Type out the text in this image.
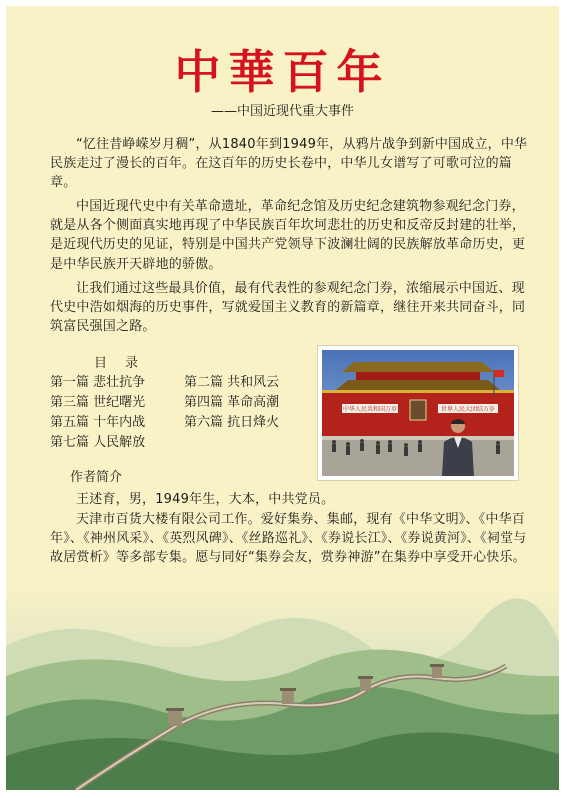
中華百年
——中国近现代重大事件

“忆往昔峥嵘岁月稠”，从1840年到1949年，从鸦片战争到新中国成立，中华民族走过了漫长的百年。在这百年的历史长卷中，中华儿女谱写了可歌可泣的篇章。

中国近现代史中有关革命遗址，革命纪念馆及历史纪念建筑物参观纪念门券，就是从各个侧面真实地再现了中华民族百年坎坷悲壮的历史和反帝反封建的壮举，是近现代历史的见证，特别是中国共产党领导下波澜壮阔的民族解放革命历史，更是中华民族开天辟地的骄傲。

让我们通过这些最具价值，最有代表性的参观纪念门券，浓缩展示中国近、现代史中浩如烟海的历史事件，写就爱国主义教育的新篇章，继往开来共同奋斗，同筑富民强国之路。

目录
第一篇 悲壮抗争	第二篇 共和风云
第三篇 世纪曙光	第四篇 革命高潮
第五篇 十年内战	第六篇 抗日烽火
第七篇 人民解放
作者简介

王述育，男，1949年生，大本，中共党员。

天津市百货大楼有限公司工作。爱好集券、集邮，现有《中华文明》、《中华百年》、《神州风采》、《英烈风碑》、《丝路巡礼》、《券说长江》、《券说黄河》、《祠堂与故居赏析》等多部专集。愿与同好“集券会友，赏券神游”在集券中享受开心快乐。

中华人民共和国万岁	世界人民大团结万岁
